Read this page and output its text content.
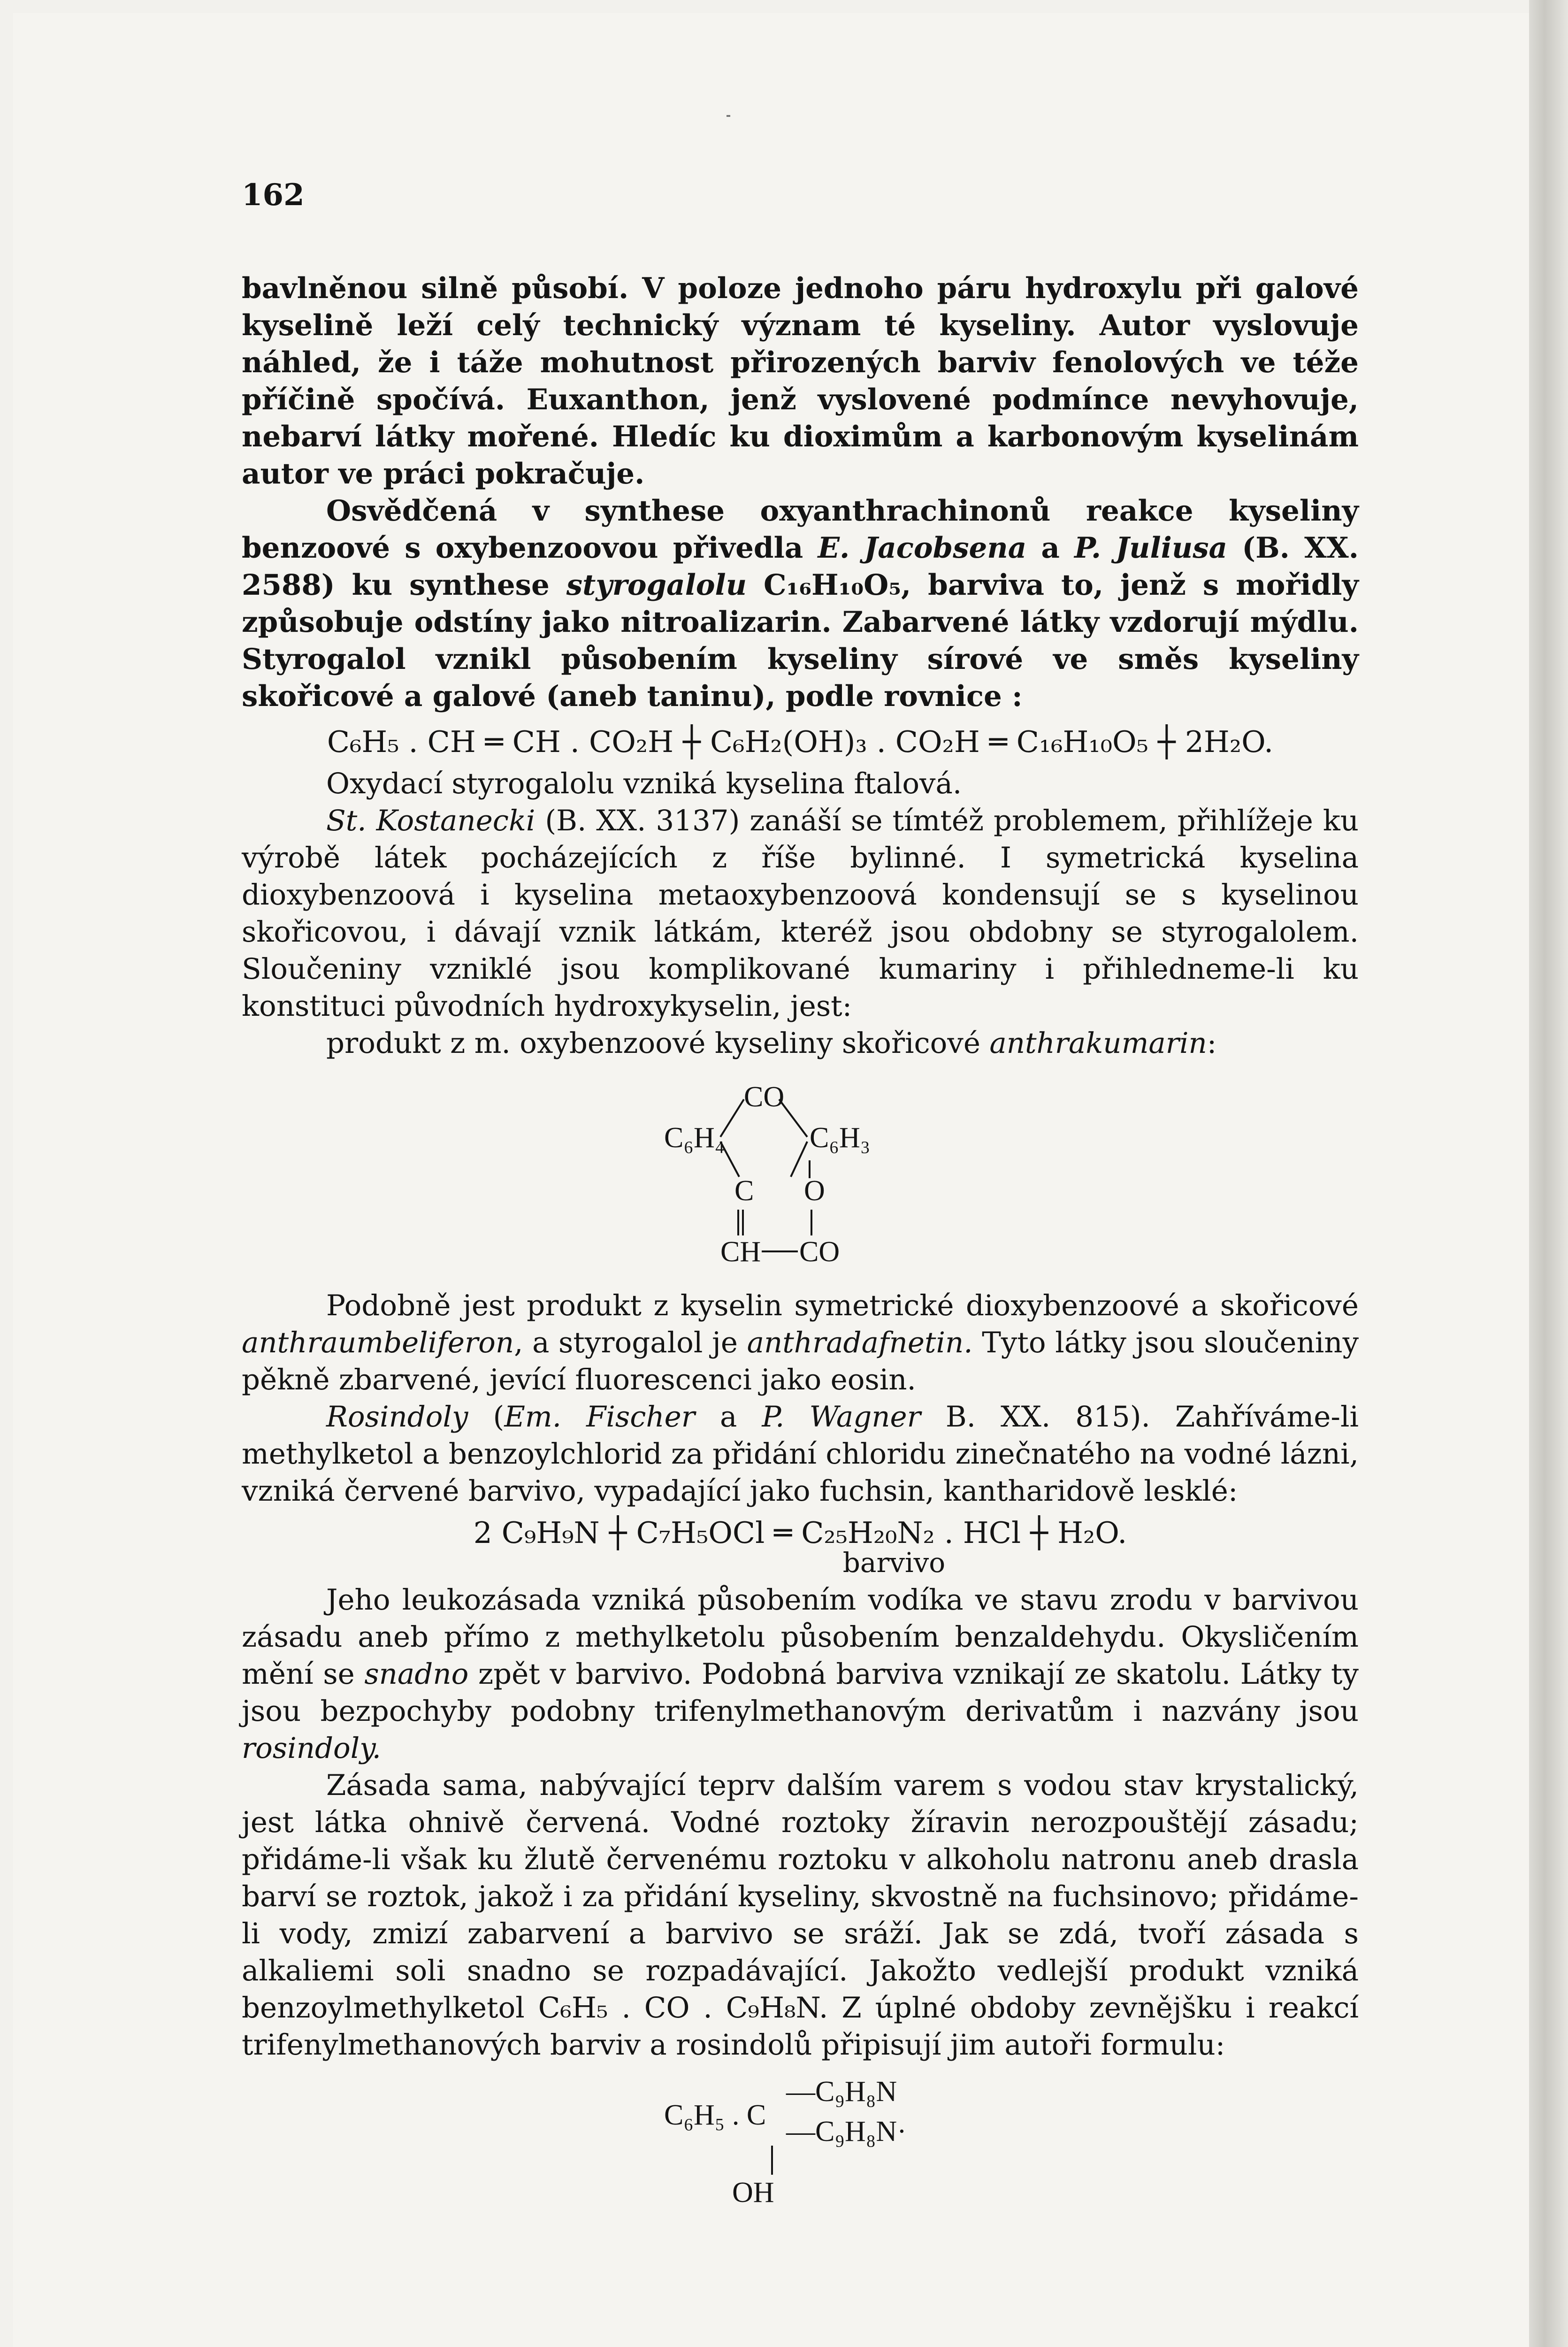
162

bavlněnou silně působí. V poloze jednoho páru hydroxylu při galové kyselině leží celý technický význam té kyseliny. Autor vyslovuje náhled, že i táže mohutnost přirozených barviv fenolových ve téže příčině spočívá. Euxanthon, jenž vyslovené podmínce nevyhovuje, nebarví látky mořené. Hledíc ku dioximům a karbonovým kyselinám autor ve práci pokračuje.

Osvědčená v synthese oxyanthrachinonů reakce kyseliny benzoové s oxybenzoovou přivedla E. Jacobsena a P. Juliusa (B. XX. 2588) ku synthese styrogalolu C₁₆H₁₀O₅, barviva to, jenž s mořidly způsobuje odstíny jako nitroalizarin. Zabarvené látky vzdorují mýdlu. Styrogalol vznikl působením kyseliny sírové ve směs kyseliny skořicové a galové (aneb taninu), podle rovnice :

C₆H₅ . CH ═ CH . CO₂H ┼ C₆H₂(OH)₃ . CO₂H ═ C₁₆H₁₀O₅ ┼ 2H₂O.

Oxydací styrogalolu vzniká kyselina ftalová.

St. Kostanecki (B. XX. 3137) zanáší se tímtéž problemem, přihlížeje ku výrobě látek pocházejících z říše bylinné. I symetrická kyselina dioxybenzoová i kyselina metaoxybenzoová kondensují se s kyselinou skořicovou, i dávají vznik látkám, kteréž jsou obdobny se styrogalolem. Sloučeniny vzniklé jsou komplikované kumariny i přihledneme-li ku konstituci původních hydroxykyselin, jest:

produkt z m. oxybenzoové kyseliny skořicové anthrakumarin:

CO
C₆H₄	C₆H₃
C O
CH CO

Podobně jest produkt z kyselin symetrické dioxybenzoové a skořicové anthraumbeliferon, a styrogalol je anthradafnetin. Tyto látky jsou sloučeniny pěkně zbarvené, jevící fluorescenci jako eosin.

Rosindoly (Em. Fischer a P. Wagner B. XX. 815). Zahříváme-li methylketol a benzoylchlorid za přidání chloridu zinečnatého na vodné lázni, vzniká červené barvivo, vypadající jako fuchsin, kantharidově lesklé:

2 C₉H₉N ┼ C₇H₅OCl ═ C₂₅H₂₀N₂ . HCl ┼ H₂O.

barvivo

Jeho leukozásada vzniká působením vodíka ve stavu zrodu v barvivou zásadu aneb přímo z methylketolu působením benzaldehydu. Okysličením mění se snadno zpět v barvivo. Podobná barviva vznikají ze skatolu. Látky ty jsou bezpochyby podobny trifenylmethanovým derivatům i nazvány jsou rosindoly.

Zásada sama, nabývající teprv dalším varem s vodou stav krystalický, jest látka ohnivě červená. Vodné roztoky žíravin nerozpouštějí zásadu; přidáme-li však ku žlutě červenému roztoku v alkoholu natronu aneb drasla barví se roztok, jakož i za přidání kyseliny, skvostně na fuchsinovo; přidáme-li vody, zmizí zabarvení a barvivo se sráží. Jak se zdá, tvoří zásada s alkaliemi soli snadno se rozpadávající. Jakožto vedlejší produkt vzniká benzoylmethylketol C₆H₅ . CO . C₉H₈N. Z úplné obdoby zevnějšku i reakcí trifenylmethanových barviv a rosindolů připisují jim autoři formulu:

C₆H₅ . C
—C₉H₈N
—C₉H₈N·
OH
